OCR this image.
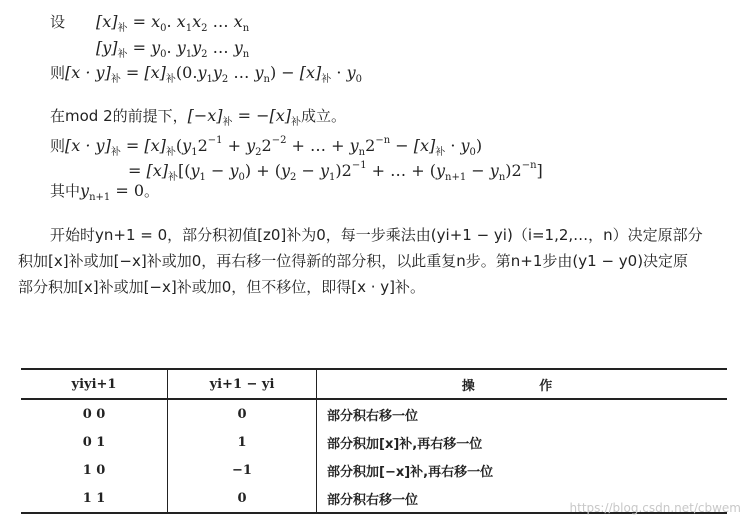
设 $[x]_补 = x_0$. $x_1x_2$ … $x_n$
$[y]_补 = y_0$. $y_1y_2$ … $y_n$
则$[x \cdot y]_补 = [x]_补(0.y_1y_2$ … $y_n) - [x]_补 \cdot y_0$
在mod 2的前提下，$[-x]_补 = -[x]_补$成立。
则$[x \cdot y]_补 = [x]_补(y_12^{-1} + y_22^{-2}$ + … + $y_n2^{-n} - [x]_补 \cdot y_0$)
= $[x]_补[(y_1 - y_0) + (y_2 - y_1)2^{-1}$ + … + $(y_{n+1} - y_n)2^{-n}$]
其中$y_{n+1} = 0$。
开始时yn+1 = 0，部分积初值[z0]补为0，每一步乘法由(yi+1 − yi)（i=1,2,…，n）决定原部分
积加[x]补或加[−x]补或加0，再右移一位得新的部分积，以此重复n步。第n+1步由(y1 − y0)决定原
部分积加[x]补或加[−x]补或加0，但不移位，即得[x · y]补。
yiyi+1	yi+1 − yi	操 作
0 0	0	部分积右移一位
0 1	1	部分积加[x]补,再右移一位
1 0	−1	部分积加[−x]补,再右移一位
1 1	0	部分积右移一位
https://blog.csdn.net/cbwem
